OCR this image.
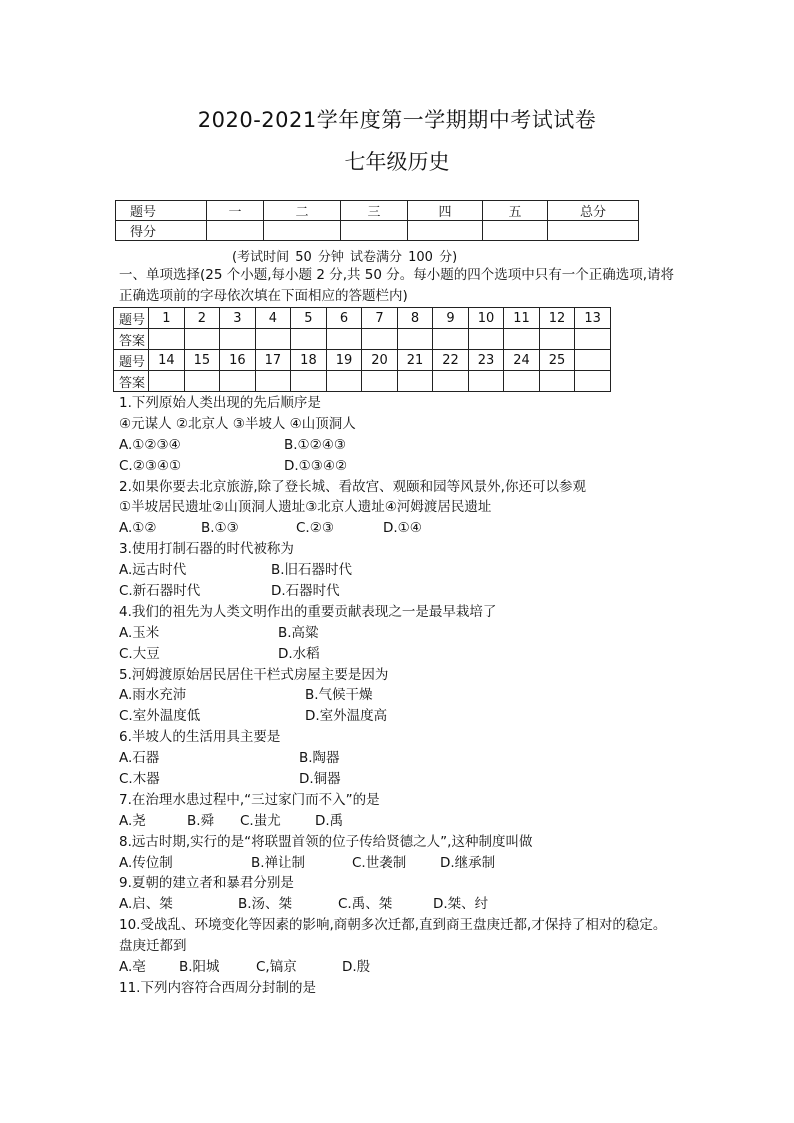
2020-2021学年度第一学期期中考试试卷
七年级历史
题号	一	二	三	四	五	总分
得分						
(考试时间 50 分钟 试卷满分 100 分)
一、单项选择(25 个小题,每小题 2 分,共 50 分。每小题的四个选项中只有一个正确选项,请将
正确选项前的字母依次填在下面相应的答题栏内)
题号	1	2	3	4	5	6	7	8	9	10	11	12	13
答案													
题号	14	15	16	17	18	19	20	21	22	23	24	25	
答案													
1.下列原始人类出现的先后顺序是
④元谋人 ②北京人 ③半坡人 ④山顶洞人
A.①②③④	B.①②④③
C.②③④①	D.①③④②
2.如果你要去北京旅游,除了登长城、看故宫、观颐和园等风景外,你还可以参观
①半坡居民遗址②山顶洞人遗址③北京人遗址④河姆渡居民遗址
A.①②	B.①③	C.②③	D.①④
3.使用打制石器的时代被称为
A.远古时代	B.旧石器时代
C.新石器时代	D.石器时代
4.我们的祖先为人类文明作出的重要贡献表现之一是最早栽培了
A.玉米	B.高粱
C.大豆	D.水稻
5.河姆渡原始居民居住干栏式房屋主要是因为
A.雨水充沛	B.气候干燥
C.室外温度低	D.室外温度高
6.半坡人的生活用具主要是
A.石器	B.陶器
C.木器	D.铜器
7.在治理水患过程中,“三过家门而不入”的是
A.尧	B.舜 C.蚩尤	D.禹
8.远古时期,实行的是“将联盟首领的位子传给贤德之人”,这种制度叫做
A.传位制	B.禅让制	C.世袭制	D.继承制
9.夏朝的建立者和暴君分别是
A.启、桀	B.汤、桀	C.禹、桀	D.桀、纣
10.受战乱、环境变化等因素的影响,商朝多次迁都,直到商王盘庚迁都,才保持了相对的稳定。
盘庚迁都到
A.亳 B.阳城	C,镐京	D.殷
11.下列内容符合西周分封制的是
